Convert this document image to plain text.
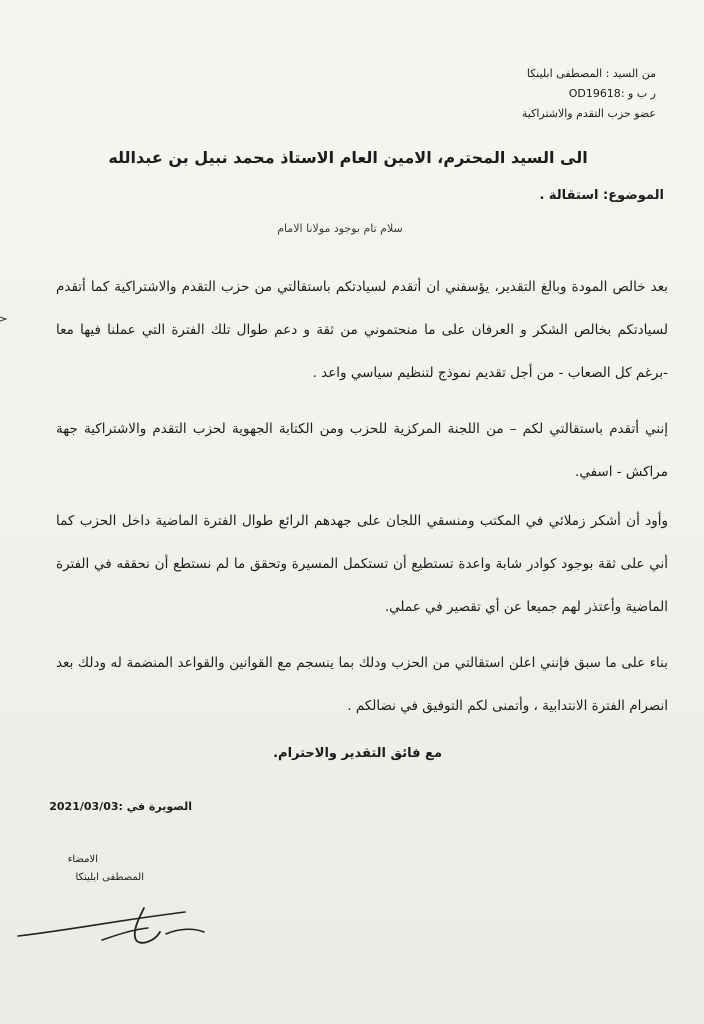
من السيد : المصطفى ابلينكا
ر ب و :OD19618
عضو حزب التقدم والاشتراكية
الى السيد المحترم، الامين العام الاستاذ محمد نبيل بن عبدالله
الموضوع: استقالة .
سلام تام بوجود مولانا الامام
بعد خالص المودة وبالغ التقدير، يؤسفني ان أتقدم لسيادتكم باستقالتي من حزب التقدم والاشتراكية كما أتقدم لسيادتكم بخالص الشكر و العرفان على ما منحتموني من ثقة و دعم طوال تلك الفترة التي عملنا فيها معا -برغم كل الصعاب - من أجل تقديم نموذج لتنظيم سياسي واعد .
إنني أتقدم باستقالتي لكم – من اللجنة المركزية للحزب ومن الكتابة الجهوية لحزب التقدم والاشتراكية جهة مراكش - اسفي.
وأود أن أشكر زملائي في المكتب ومنسقي اللجان على جهدهم الرائع طوال الفترة الماضية داخل الحزب كما أني على ثقة بوجود كوادر شابة واعدة تستطيع أن تستكمل المسيرة وتحقق ما لم نستطع أن نحققه في الفترة الماضية وأعتذر لهم جميعا عن أي تقصير في عملي.
بناء على ما سبق فإنني اعلن استقالتي من الحزب ودلك بما ينسجم مع القوانين والقواعد المنضمة له ودلك بعد انصرام الفترة الانتدابية ، وأتمنى لكم التوفيق في نضالكم .
مع فائق التقدير والاحترام.
الصويرة في :2021/03/03
الامضاء
المصطفى ابلينكا
